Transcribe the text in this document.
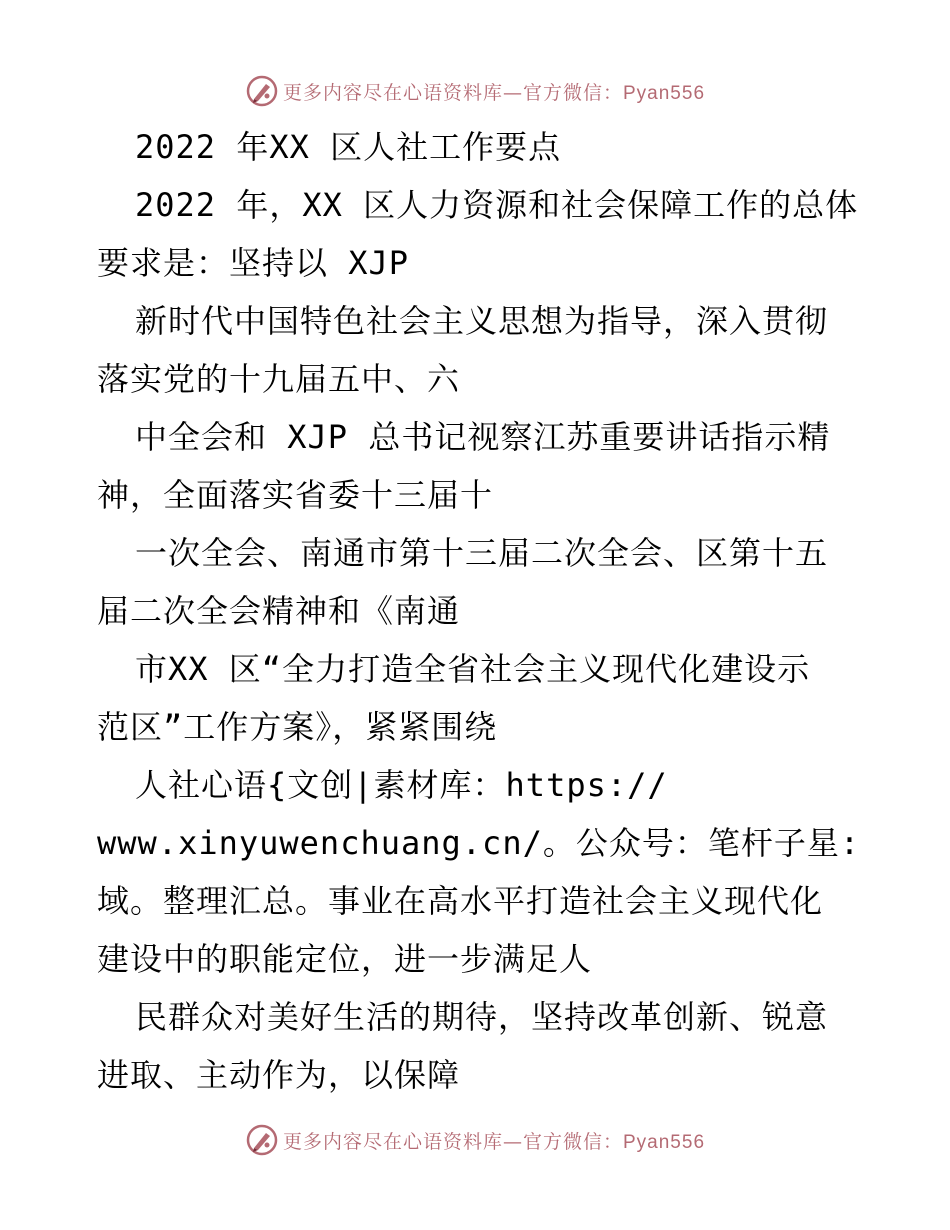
更多内容尽在心语资料库—官方微信：Pyan556
2022 年XX 区人社工作要点
2022 年，XX 区人力资源和社会保障工作的总体
要求是：坚持以 XJP
新时代中国特色社会主义思想为指导，深入贯彻
落实党的十九届五中、六
中全会和 XJP 总书记视察江苏重要讲话指示精
神，全面落实省委十三届十
一次全会、南通市第十三届二次全会、区第十五
届二次全会精神和《南通
市XX 区“全力打造全省社会主义现代化建设示
范区”工作方案》，紧紧围绕
人社心语{文创|素材库：https://
www.xinyuwenchuang.cn/。公众号：笔杆子星:
域。整理汇总。事业在高水平打造社会主义现代化
建设中的职能定位，进一步满足人
民群众对美好生活的期待，坚持改革创新、锐意
进取、主动作为，以保障
更多内容尽在心语资料库—官方微信：Pyan556
